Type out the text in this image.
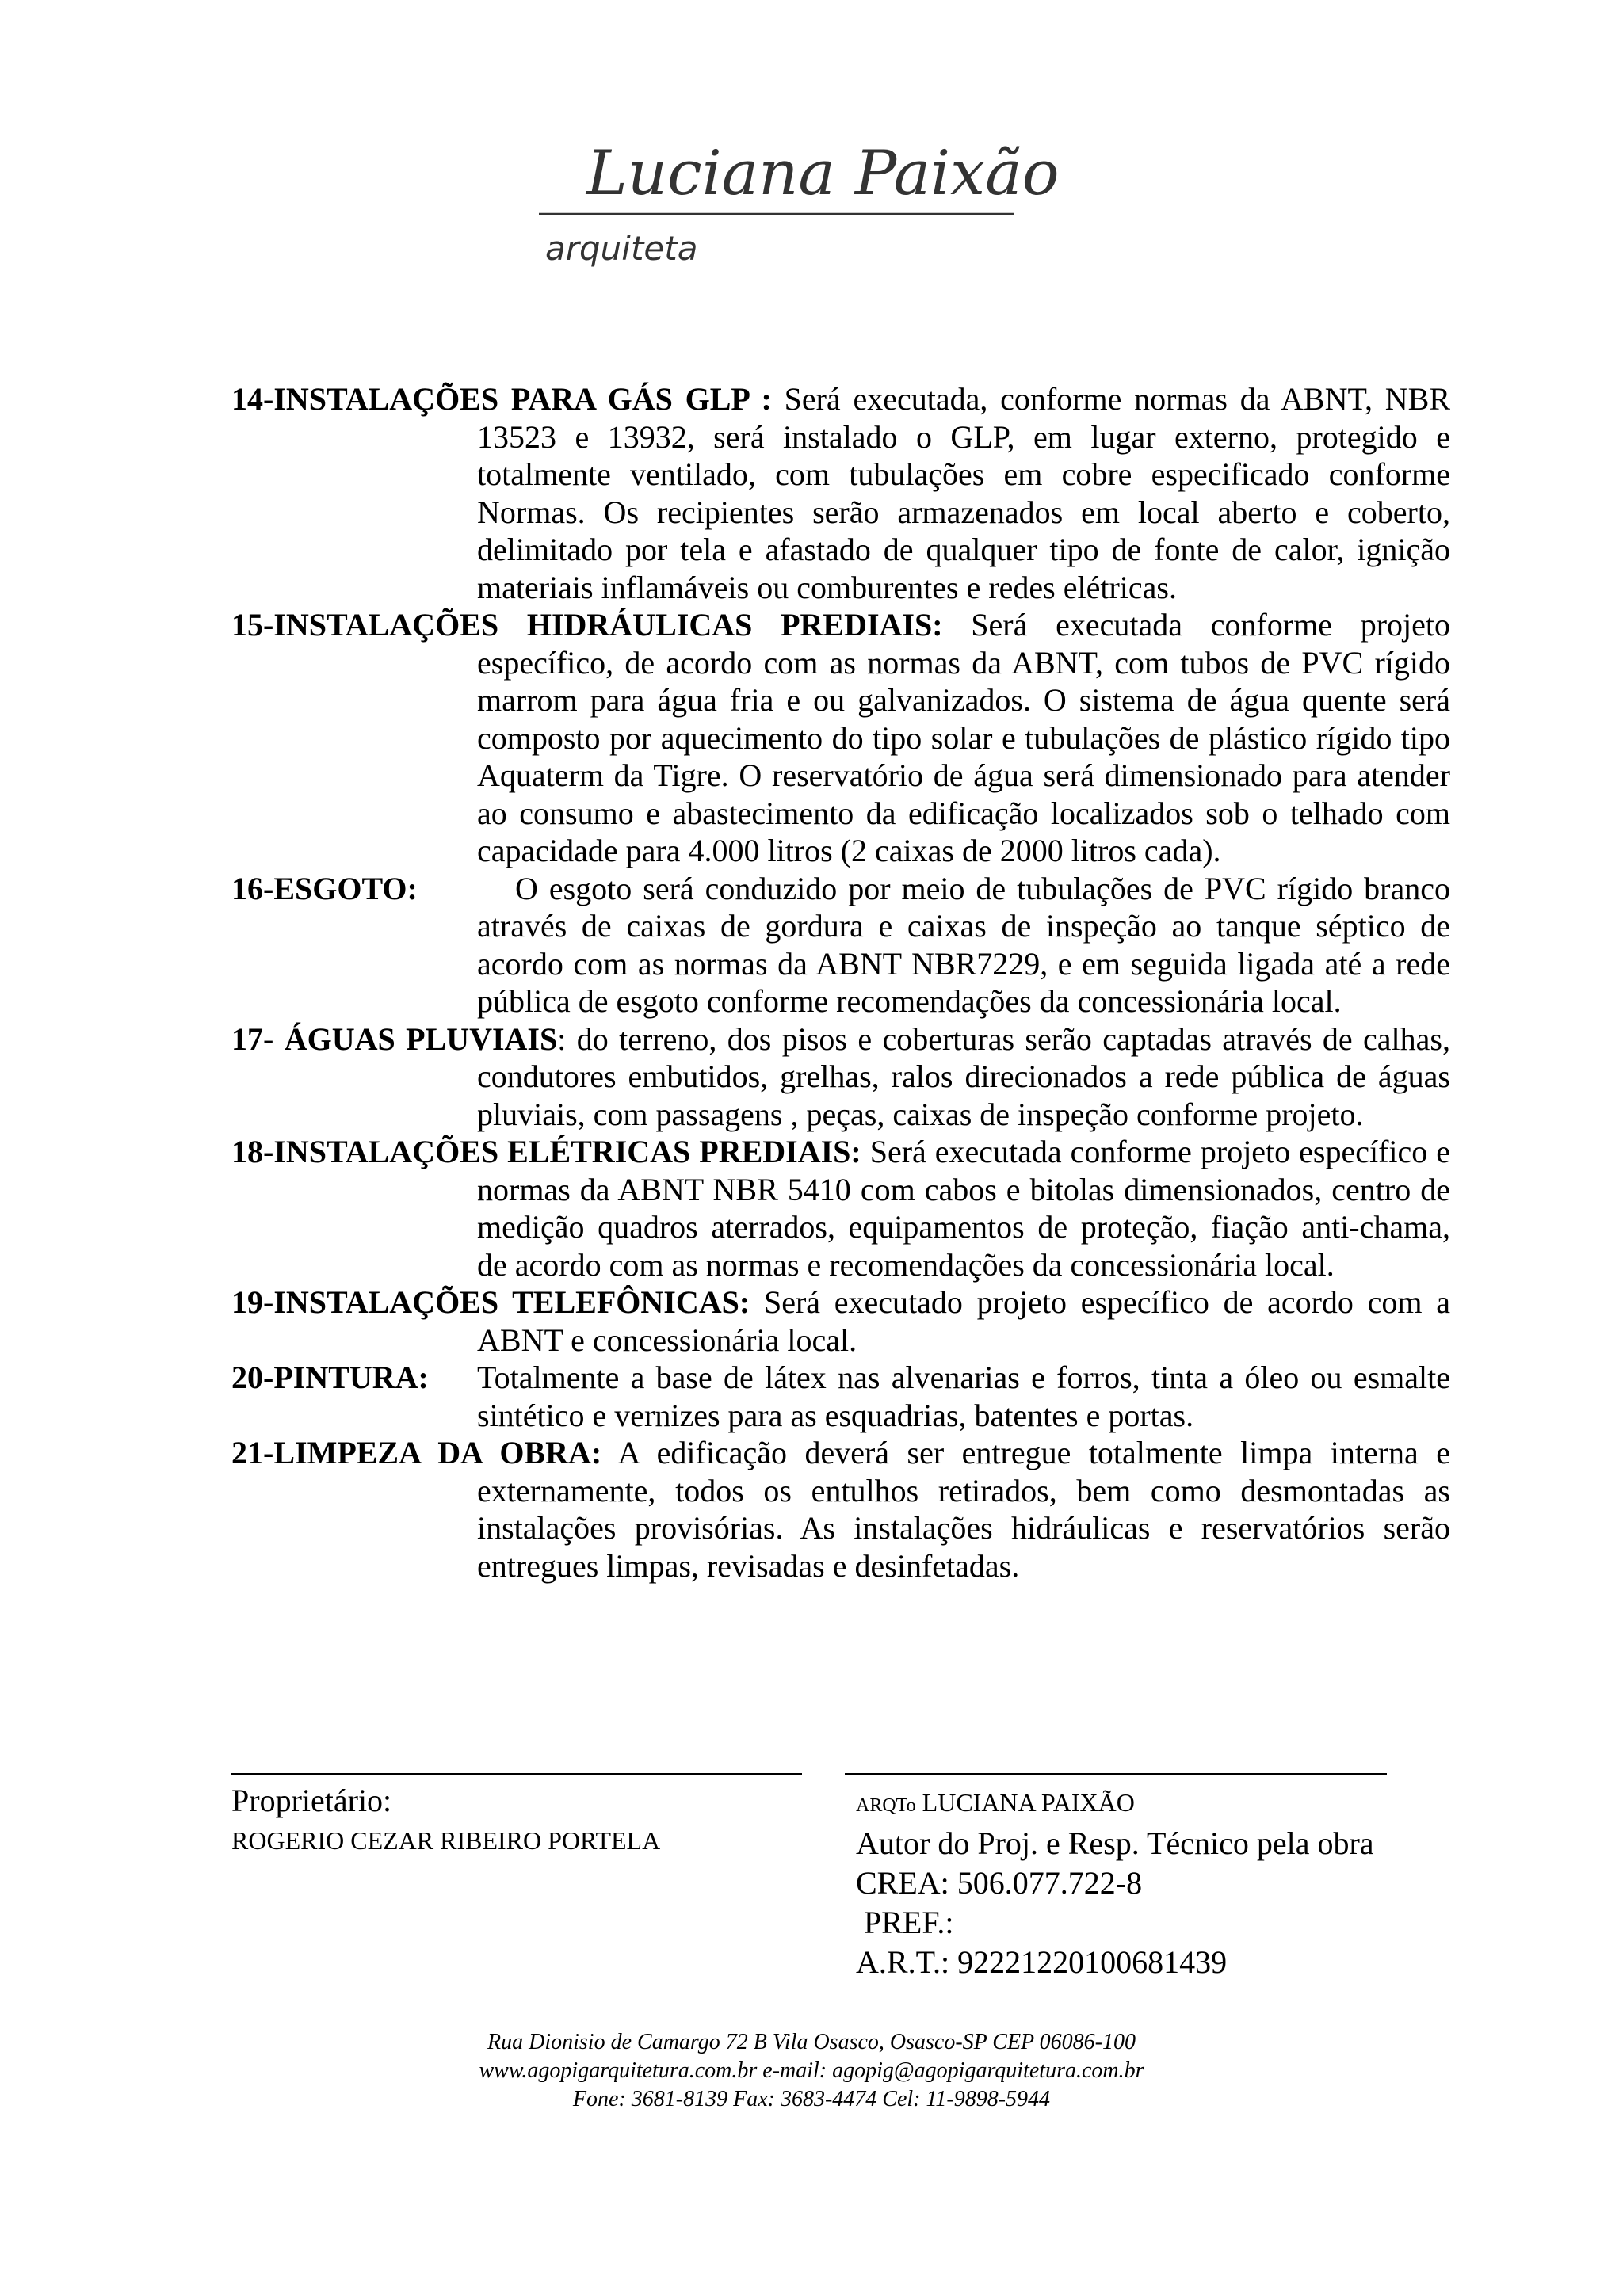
Luciana Paixão
arquiteta

14-INSTALAÇÕES PARA GÁS GLP : Será executada, conforme normas da ABNT, NBR 13523 e 13932, será instalado o GLP, em lugar externo, protegido e totalmente ventilado, com tubulações em cobre especificado conforme Normas. Os recipientes serão armazenados em local aberto e coberto, delimitado por tela e afastado de qualquer tipo de fonte de calor, ignição materiais inflamáveis ou comburentes e redes elétricas.

15-INSTALAÇÕES HIDRÁULICAS PREDIAIS: Será executada conforme projeto específico, de acordo com as normas da ABNT, com tubos de PVC rígido marrom para água fria e ou galvanizados. O sistema de água quente será composto por aquecimento do tipo solar e tubulações de plástico rígido tipo Aquaterm da Tigre. O reservatório de água será dimensionado para atender ao consumo e abastecimento da edificação localizados sob o telhado com capacidade para 4.000 litros (2 caixas de 2000 litros cada).

16-ESGOTO:	O esgoto será conduzido por meio de tubulações de PVC rígido branco através de caixas de gordura e caixas de inspeção ao tanque séptico de acordo com as normas da ABNT NBR7229, e em seguida ligada até a rede pública de esgoto conforme recomendações da concessionária local.

17- ÁGUAS PLUVIAIS: do terreno, dos pisos e coberturas serão captadas através de calhas, condutores embutidos, grelhas, ralos direcionados a rede pública de águas pluviais, com passagens , peças, caixas de inspeção conforme projeto.

18-INSTALAÇÕES ELÉTRICAS PREDIAIS: Será executada conforme projeto específico e normas da ABNT NBR 5410 com cabos e bitolas dimensionados, centro de medição quadros aterrados, equipamentos de proteção, fiação anti-chama, de acordo com as normas e recomendações da concessionária local.

19-INSTALAÇÕES TELEFÔNICAS: Será executado projeto específico de acordo com a ABNT e concessionária local.

20-PINTURA:	Totalmente a base de látex nas alvenarias e forros, tinta a óleo ou esmalte sintético e vernizes para as esquadrias, batentes e portas.

21-LIMPEZA DA OBRA: A edificação deverá ser entregue totalmente limpa interna e externamente, todos os entulhos retirados, bem como desmontadas as instalações provisórias. As instalações hidráulicas e reservatórios serão entregues limpas, revisadas e desinfetadas.

Proprietário:
ROGERIO CEZAR RIBEIRO PORTELA
ARQTo LUCIANA PAIXÃO
Autor do Proj. e Resp. Técnico pela obra
CREA: 506.077.722-8
PREF.:
A.R.T.: 92221220100681439
Rua Dionisio de Camargo 72 B Vila Osasco, Osasco-SP CEP 06086-100
www.agopigarquitetura.com.br e-mail: agopig@agopigarquitetura.com.br
Fone: 3681-8139 Fax: 3683-4474 Cel: 11-9898-5944
